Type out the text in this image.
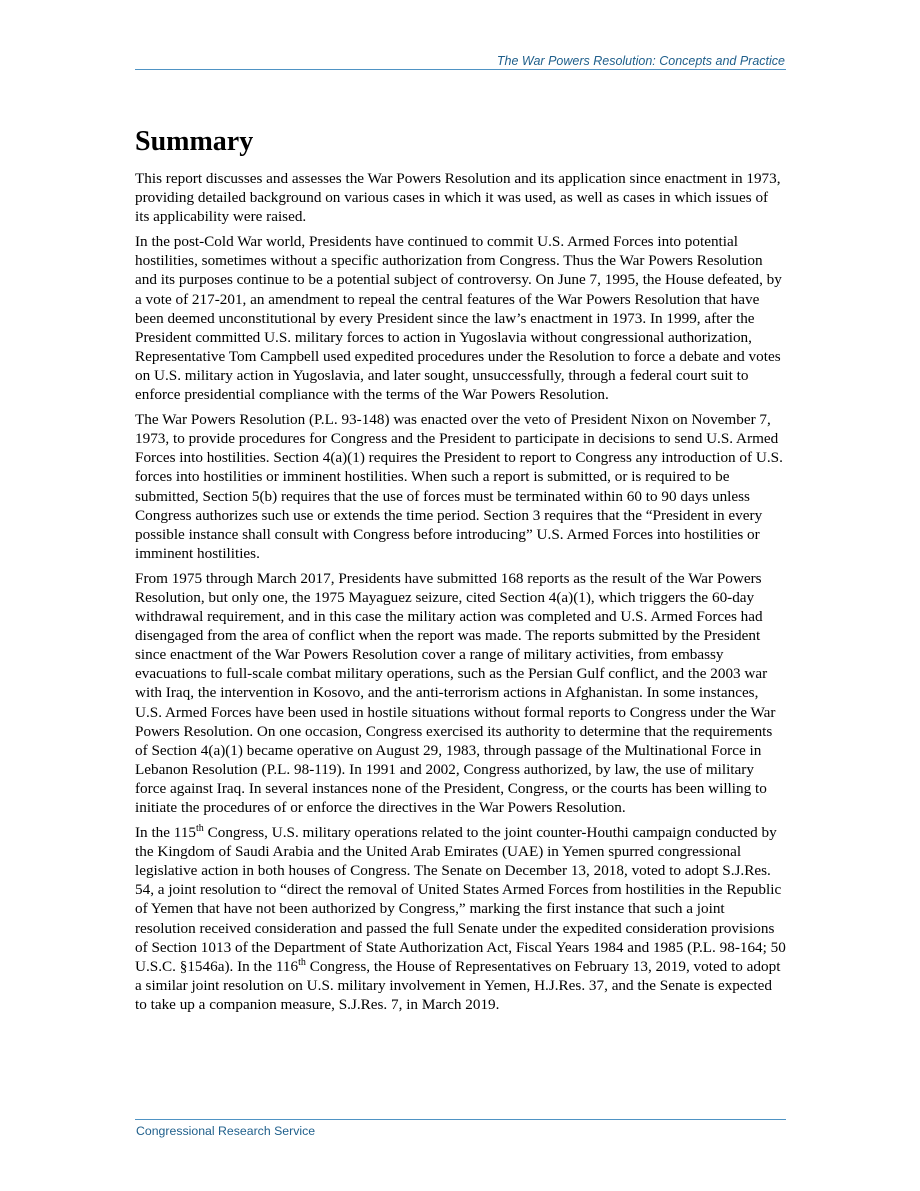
The War Powers Resolution: Concepts and Practice
Summary

This report discusses and assesses the War Powers Resolution and its application since enactment in 1973, providing detailed background on various cases in which it was used, as well as cases in which issues of its applicability were raised.

In the post-Cold War world, Presidents have continued to commit U.S. Armed Forces into potential hostilities, sometimes without a specific authorization from Congress. Thus the War Powers Resolution and its purposes continue to be a potential subject of controversy. On June 7, 1995, the House defeated, by a vote of 217-201, an amendment to repeal the central features of the War Powers Resolution that have been deemed unconstitutional by every President since the law’s enactment in 1973. In 1999, after the President committed U.S. military forces to action in Yugoslavia without congressional authorization, Representative Tom Campbell used expedited procedures under the Resolution to force a debate and votes on U.S. military action in Yugoslavia, and later sought, unsuccessfully, through a federal court suit to enforce presidential compliance with the terms of the War Powers Resolution.

The War Powers Resolution (P.L. 93-148) was enacted over the veto of President Nixon on November 7, 1973, to provide procedures for Congress and the President to participate in decisions to send U.S. Armed Forces into hostilities. Section 4(a)(1) requires the President to report to Congress any introduction of U.S. forces into hostilities or imminent hostilities. When such a report is submitted, or is required to be submitted, Section 5(b) requires that the use of forces must be terminated within 60 to 90 days unless Congress authorizes such use or extends the time period. Section 3 requires that the “President in every possible instance shall consult with Congress before introducing” U.S. Armed Forces into hostilities or imminent hostilities.

From 1975 through March 2017, Presidents have submitted 168 reports as the result of the War Powers Resolution, but only one, the 1975 Mayaguez seizure, cited Section 4(a)(1), which triggers the 60-day withdrawal requirement, and in this case the military action was completed and U.S. Armed Forces had disengaged from the area of conflict when the report was made. The reports submitted by the President since enactment of the War Powers Resolution cover a range of military activities, from embassy evacuations to full-scale combat military operations, such as the Persian Gulf conflict, and the 2003 war with Iraq, the intervention in Kosovo, and the anti-terrorism actions in Afghanistan. In some instances, U.S. Armed Forces have been used in hostile situations without formal reports to Congress under the War Powers Resolution. On one occasion, Congress exercised its authority to determine that the requirements of Section 4(a)(1) became operative on August 29, 1983, through passage of the Multinational Force in Lebanon Resolution (P.L. 98-119). In 1991 and 2002, Congress authorized, by law, the use of military force against Iraq. In several instances none of the President, Congress, or the courts has been willing to initiate the procedures of or enforce the directives in the War Powers Resolution.

In the 115th Congress, U.S. military operations related to the joint counter-Houthi campaign conducted by the Kingdom of Saudi Arabia and the United Arab Emirates (UAE) in Yemen spurred congressional legislative action in both houses of Congress. The Senate on December 13, 2018, voted to adopt S.J.Res. 54, a joint resolution to “direct the removal of United States Armed Forces from hostilities in the Republic of Yemen that have not been authorized by Congress,” marking the first instance that such a joint resolution received consideration and passed the full Senate under the expedited consideration provisions of Section 1013 of the Department of State Authorization Act, Fiscal Years 1984 and 1985 (P.L. 98-164; 50 U.S.C. §1546a). In the 116th Congress, the House of Representatives on February 13, 2019, voted to adopt a similar joint resolution on U.S. military involvement in Yemen, H.J.Res. 37, and the Senate is expected to take up a companion measure, S.J.Res. 7, in March 2019.

Congressional Research Service
